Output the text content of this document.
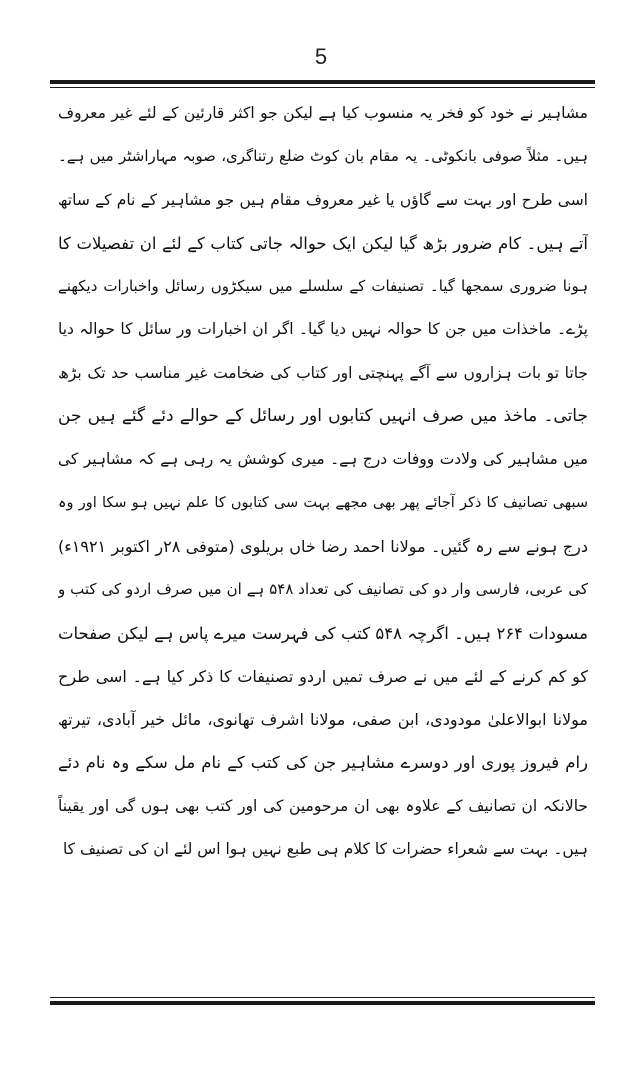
5
مشاہیر نے خود کو فخر یہ منسوب کیا ہے لیکن جو اکثر قارئین کے لئے غیر معروف
ہیں۔ مثلاً صوفی بانکوٹی۔ یہ مقام بان کوٹ ضلع رتناگری، صوبہ مہاراشٹر میں ہے۔
اسی طرح اور بہت سے گاؤں یا غیر معروف مقام ہیں جو مشاہیر کے نام کے ساتھ
آتے ہیں۔ کام ضرور بڑھ گیا لیکن ایک حوالہ جاتی کتاب کے لئے ان تفصیلات کا
ہونا ضروری سمجھا گیا۔ تصنیفات کے سلسلے میں سیکڑوں رسائل واخبارات دیکھنے
پڑے۔ ماخذات میں جن کا حوالہ نہیں دیا گیا۔ اگر ان اخبارات ور سائل کا حوالہ دیا
جاتا تو بات ہزاروں سے آگے پہنچتی اور کتاب کی ضخامت غیر مناسب حد تک بڑھ
جاتی۔ ماخذ میں صرف انہیں کتابوں اور رسائل کے حوالے دئے گئے ہیں جن
میں مشاہیر کی ولادت ووفات درج ہے۔ میری کوشش یہ رہی ہے کہ مشاہیر کی
سبھی تصانیف کا ذکر آجائے پھر بھی مجھے بہت سی کتابوں کا علم نہیں ہو سکا اور وہ
درج ہونے سے رہ گئیں۔ مولانا احمد رضا خاں بریلوی (متوفی ۲۸ر اکتوبر ۱۹۲۱ء)
کی عربی، فارسی وار دو کی تصانیف کی تعداد ۵۴۸ ہے ان میں صرف اردو کی کتب و
مسودات ۲۶۴ ہیں۔ اگرچہ ۵۴۸ کتب کی فہرست میرے پاس ہے لیکن صفحات
کو کم کرنے کے لئے میں نے صرف تمیں اردو تصنیفات کا ذکر کیا ہے۔ اسی طرح
مولانا ابوالاعلیٰ مودودی، ابن صفی، مولانا اشرف تھانوی، مائل خیر آبادی، تیرتھ
رام فیروز پوری اور دوسرے مشاہیر جن کی کتب کے نام مل سکے وہ نام دئے
حالانکہ ان تصانیف کے علاوہ بھی ان مرحومین کی اور کتب بھی ہوں گی اور یقیناً
ہیں۔ بہت سے شعراء حضرات کا کلام ہی طبع نہیں ہوا اس لئے ان کی تصنیف کا
